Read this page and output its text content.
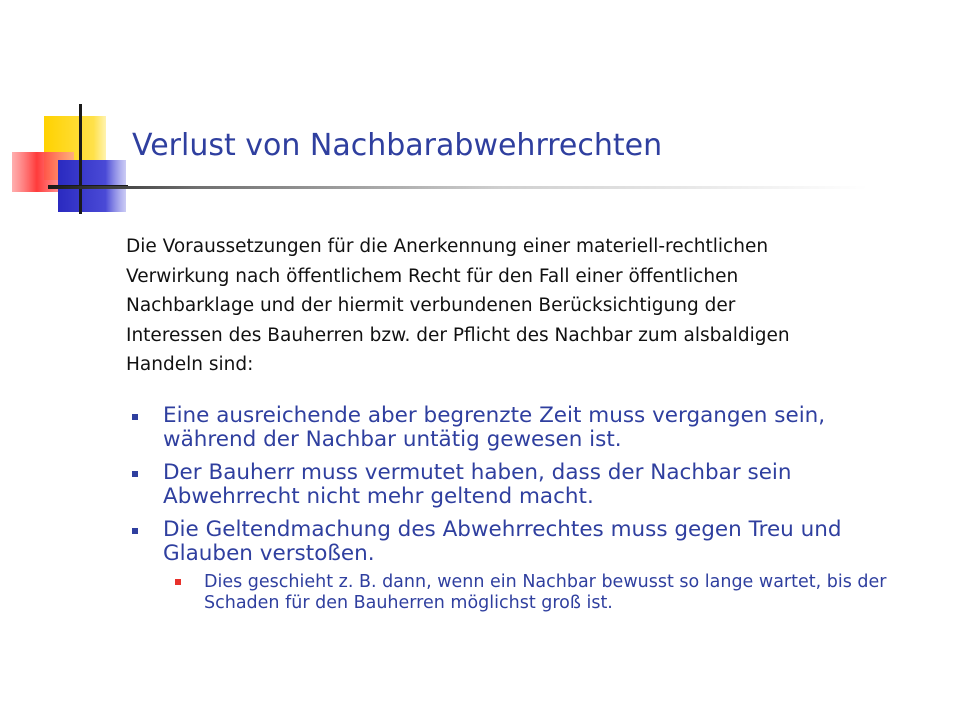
Verlust von Nachbarabwehrrechten

Die Voraussetzungen für die Anerkennung einer materiell-rechtlichen
Verwirkung nach öffentlichem Recht für den Fall einer öffentlichen
Nachbarklage und der hiermit verbundenen Berücksichtigung der
Interessen des Bauherren bzw. der Pflicht des Nachbar zum alsbaldigen
Handeln sind:

Eine ausreichende aber begrenzte Zeit muss vergangen sein, während der Nachbar untätig gewesen ist.
Der Bauherr muss vermutet haben, dass der Nachbar sein Abwehrrecht nicht mehr geltend macht.
Die Geltendmachung des Abwehrrechtes muss gegen Treu und Glauben verstoßen.
Dies geschieht z. B. dann, wenn ein Nachbar bewusst so lange wartet, bis der Schaden für den Bauherren möglichst groß ist.
